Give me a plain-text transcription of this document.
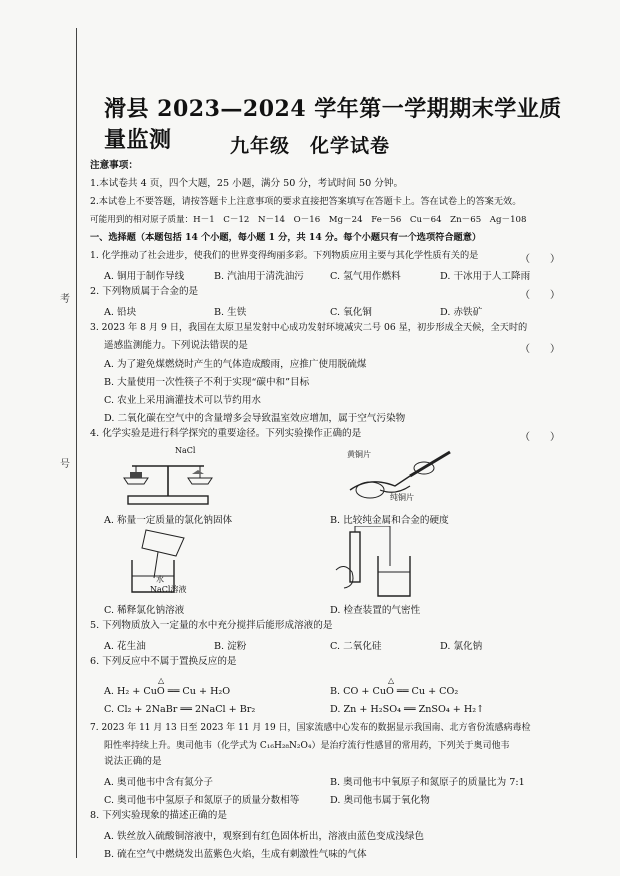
考
号
滑县 2023—2024 学年第一学期期末学业质量监测	九年级　化学试卷
注意事项：
1.本试卷共 4 页，四个大题，25 小题，满分 50 分，考试时间 50 分钟。
2.本试卷上不要答题，请按答题卡上注意事项的要求直接把答案填写在答题卡上。答在试卷上的答案无效。
可能用到的相对原子质量：H－1　C－12　N－14　O－16　Mg－24　Fe－56　Cu－64　Zn－65　Ag－108
一、选择题（本题包括 14 个小题，每小题 1 分，共 14 分。每个小题只有一个选项符合题意）
1. 化学推动了社会进步，使我们的世界变得绚丽多彩。下列物质应用主要与其化学性质有关的是	（　　）
A. 铜用于制作导线	B. 汽油用于清洗油污	C. 氢气用作燃料	D. 干冰用于人工降雨
2. 下列物质属于合金的是	（　　）
A. 铅块	B. 生铁	C. 氧化铜	D. 赤铁矿
3. 2023 年 8 月 9 日，我国在太原卫星发射中心成功发射环境减灾二号 06 星，初步形成全天候，全天时的
遥感监测能力。下列说法错误的是	（　　）
A. 为了避免煤燃烧时产生的气体造成酸雨，应推广使用脱硫煤
B. 大量使用一次性筷子不利于实现“碳中和”目标
C. 农业上采用滴灌技术可以节约用水
D. 二氧化碳在空气中的含量增多会导致温室效应增加，属于空气污染物
4. 化学实验是进行科学探究的重要途径。下列实验操作正确的是	（　　）
NaCl	黄铜片
纯铜片
A. 称量一定质量的氯化钠固体	B. 比较纯金属和合金的硬度
水
NaCl溶液
C. 稀释氯化钠溶液	D. 检查装置的气密性
5. 下列物质放入一定量的水中充分搅拌后能形成溶液的是
A. 花生油	B. 淀粉	C. 二氧化硅	D. 氯化钠
6. 下列反应中不属于置换反应的是
△	△
A. H₂ + CuO ══ Cu + H₂O	B. CO + CuO ══ Cu + CO₂
C. Cl₂ + 2NaBr ══ 2NaCl + Br₂	D. Zn + H₂SO₄ ══ ZnSO₄ + H₂↑
7. 2023 年 11 月 13 日至 2023 年 11 月 19 日，国家流感中心发布的数据显示我国南、北方省份流感病毒检
阳性率持续上升。奥司他韦（化学式为 C₁₆H₂₈N₂O₄）是治疗流行性感冒的常用药，下列关于奥司他韦
说法正确的是
A. 奥司他韦中含有氮分子	B. 奥司他韦中氧原子和氮原子的质量比为 7:1
C. 奥司他韦中氢原子和氮原子的质量分数相等	D. 奥司他韦属于氧化物
8. 下列实验现象的描述正确的是
A. 铁丝放入硫酸铜溶液中，观察到有红色固体析出，溶液由蓝色变成浅绿色
B. 硫在空气中燃烧发出蓝紫色火焰，生成有刺激性气味的气体
